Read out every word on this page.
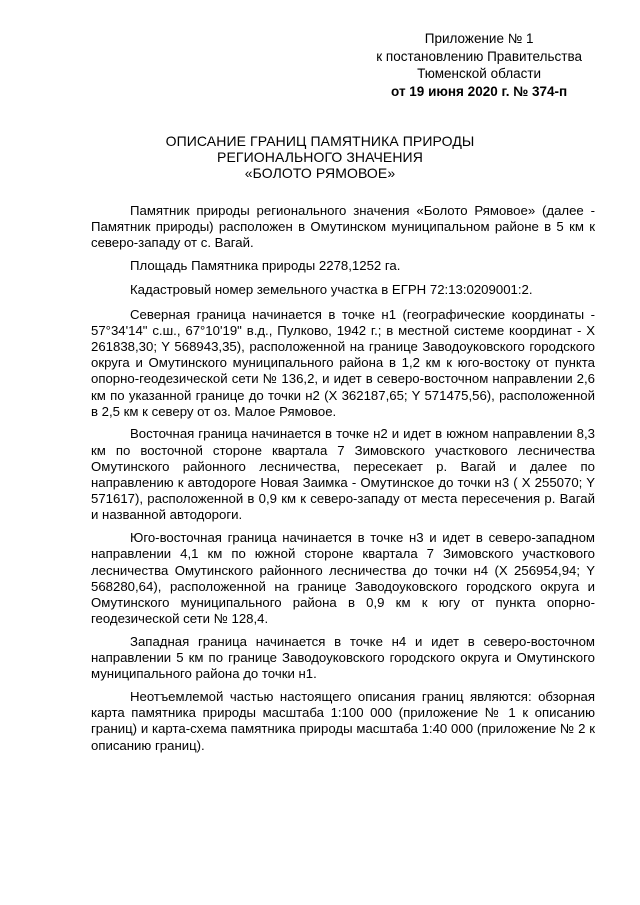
Приложение № 1
к постановлению Правительства
Тюменской области
от 19 июня 2020 г. № 374-п
ОПИСАНИЕ ГРАНИЦ ПАМЯТНИКА ПРИРОДЫ
РЕГИОНАЛЬНОГО ЗНАЧЕНИЯ
«БОЛОТО РЯМОВОЕ»

Памятник природы регионального значения «Болото Рямовое» (далее - Памятник природы) расположен в Омутинском муниципальном районе в 5 км к северо-западу от с. Вагай.

Площадь Памятника природы 2278,1252 га.

Кадастровый номер земельного участка в ЕГРН 72:13:0209001:2.

Северная граница начинается в точке н1 (географические координаты - 57°34'14" с.ш., 67°10'19" в.д., Пулково, 1942 г.; в местной системе координат - X 261838,30; Y 568943,35), расположенной на границе Заводоуковского городского округа и Омутинского муниципального района в 1,2 км к юго-востоку от пункта опорно-геодезической сети № 136,2, и идет в северо-восточном направлении 2,6 км по указанной границе до точки н2 (X 362187,65; Y 571475,56), расположенной в 2,5 км к северу от оз. Малое Рямовое.

Восточная граница начинается в точке н2 и идет в южном направлении 8,3 км по восточной стороне квартала 7 Зимовского участкового лесничества Омутинского районного лесничества, пересекает р. Вагай и далее по направлению к автодороге Новая Заимка - Омутинское до точки н3 ( X 255070; Y 571617), расположенной в 0,9 км к северо-западу от места пересечения р. Вагай и названной автодороги.

Юго-восточная граница начинается в точке н3 и идет в северо-западном направлении 4,1 км по южной стороне квартала 7 Зимовского участкового лесничества Омутинского районного лесничества до точки н4 (X 256954,94; Y 568280,64), расположенной на границе Заводоуковского городского округа и Омутинского муниципального района в 0,9 км к югу от пункта опорно-геодезической сети № 128,4.

Западная граница начинается в точке н4 и идет в северо-восточном направлении 5 км по границе Заводоуковского городского округа и Омутинского муниципального района до точки н1.

Неотъемлемой частью настоящего описания границ являются: обзорная карта памятника природы масштаба 1:100 000 (приложение № 1 к описанию границ) и карта-схема памятника природы масштаба 1:40 000 (приложение № 2 к описанию границ).
